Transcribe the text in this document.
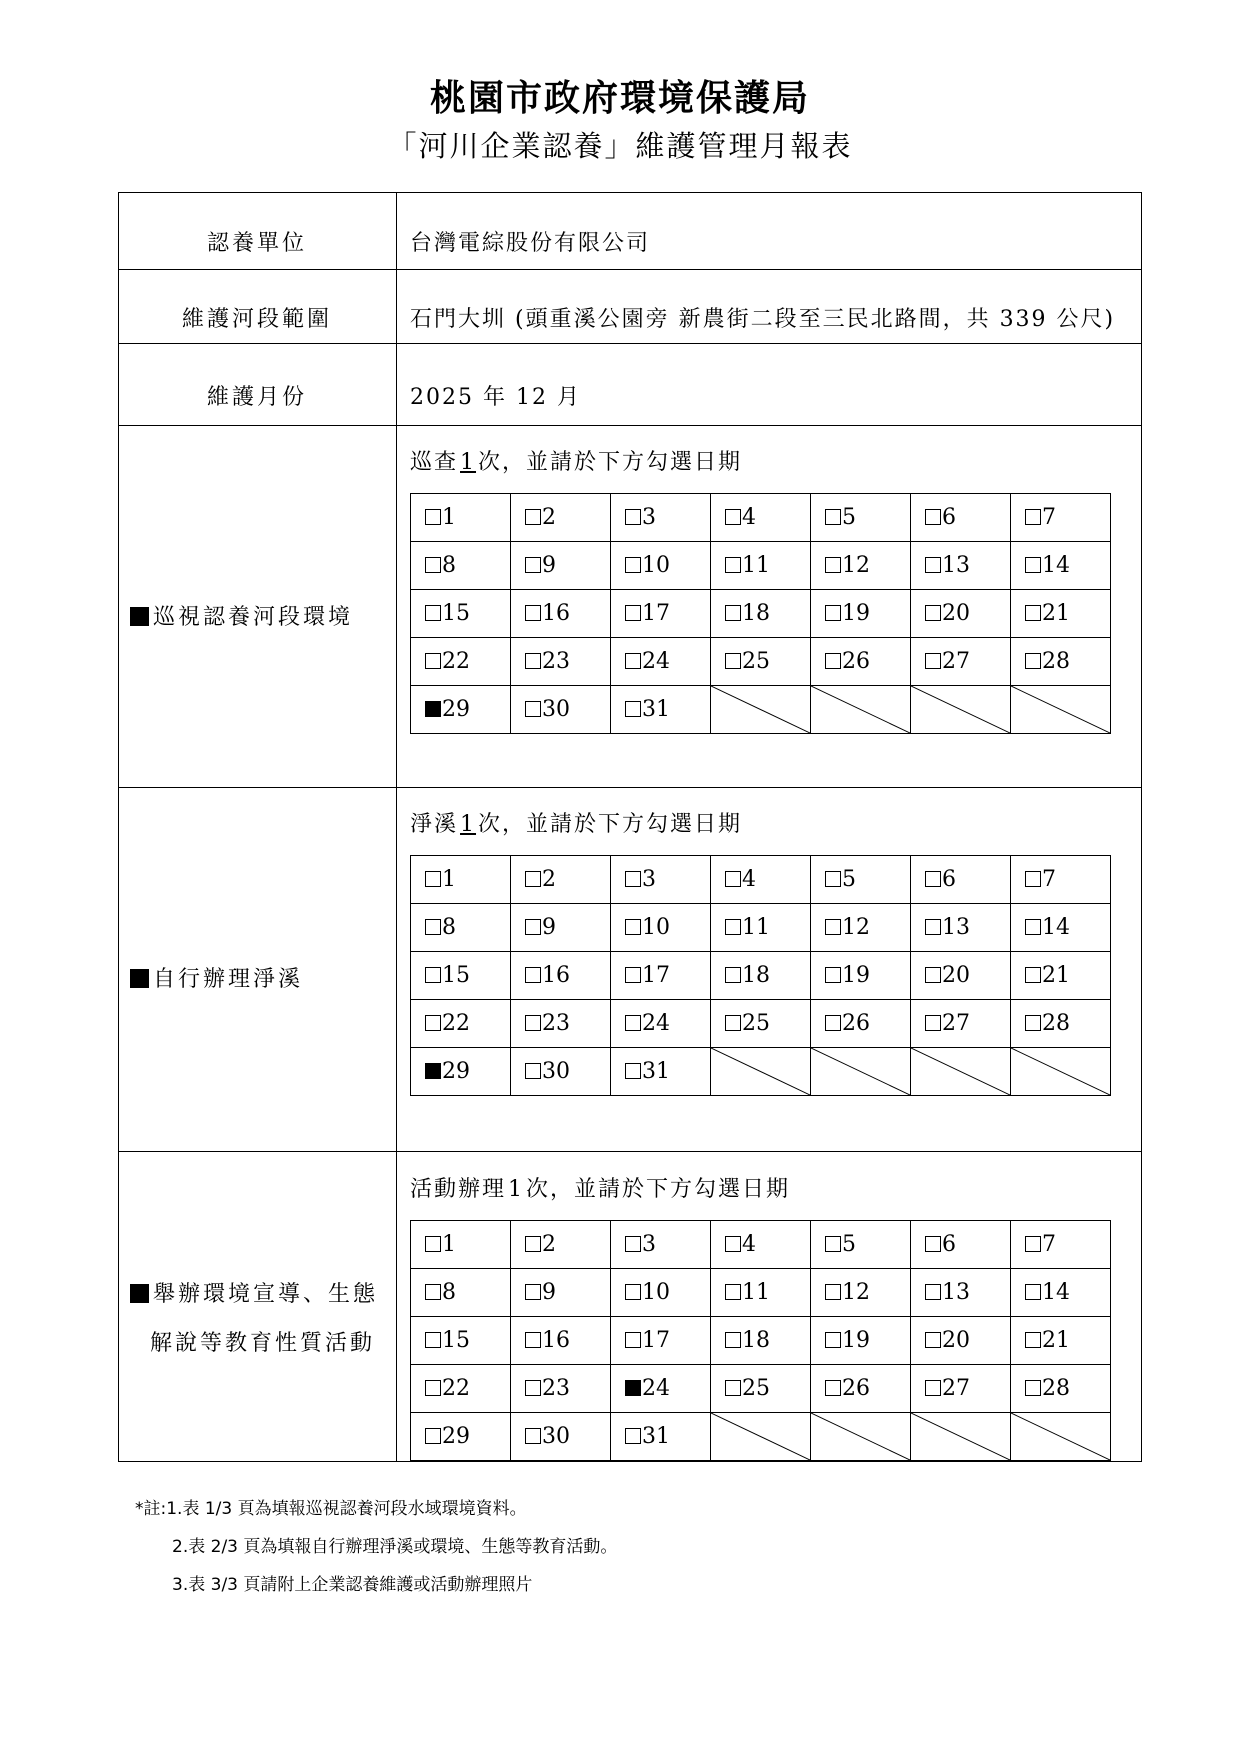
桃園市政府環境保護局
「河川企業認養」維護管理月報表
認養單位	台灣電綜股份有限公司
維護河段範圍	石門大圳 (頭重溪公園旁 新農街二段至三民北路間，共 339 公尺)
維護月份	2025 年 12 月
巡視認養河段環境
巡查1次，並請於下方勾選日期
1	2	3	4	5	6	7
8	9	10	11	12	13	14
15	16	17	18	19	20	21
22	23	24	25	26	27	28
29	30	31	

自行辦理淨溪
淨溪1次，並請於下方勾選日期
1	2	3	4	5	6	7
8	9	10	11	12	13	14
15	16	17	18	19	20	21
22	23	24	25	26	27	28
29	30	31	

舉辦環境宣導、生態
解說等教育性質活動
活動辦理1次，並請於下方勾選日期
1	2	3	4	5	6	7
8	9	10	11	12	13	14
15	16	17	18	19	20	21
22	23	24	25	26	27	28
29	30	31	

*註:1.表 1/3 頁為填報巡視認養河段水域環境資料。
2.表 2/3 頁為填報自行辦理淨溪或環境、生態等教育活動。
3.表 3/3 頁請附上企業認養維護或活動辦理照片
